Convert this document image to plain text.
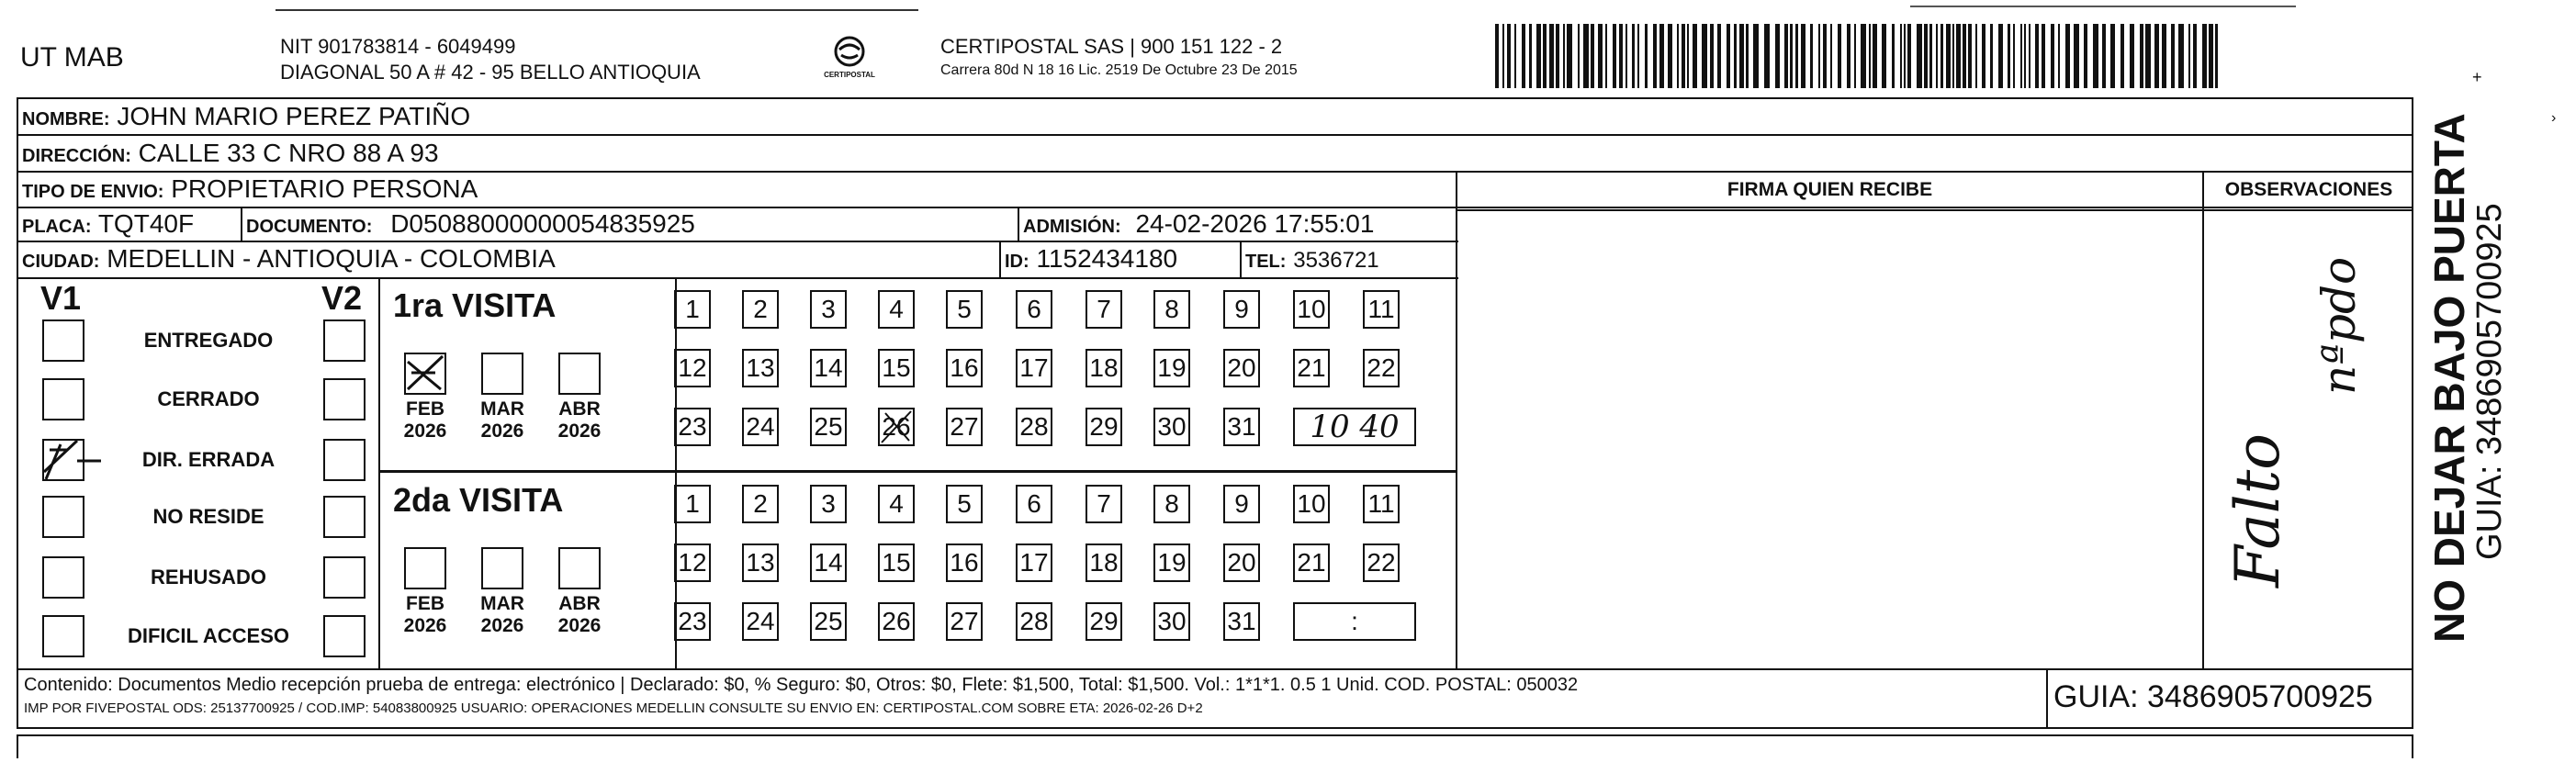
UT MAB	NIT 901783814 - 6049499
DIAGONAL 50 A # 42 - 95 BELLO ANTIOQUIA	CERTIPOSTAL
CERTIPOSTAL SAS | 900 151 122 - 2
Carrera 80d N 18 16 Lic. 2519 De Octubre 23 De 2015
NOMBRE: JOHN MARIO PEREZ PATIÑO
DIRECCIÓN: CALLE 33 C NRO 88 A 93
TIPO DE ENVIO: PROPIETARIO PERSONA	FIRMA QUIEN RECIBE	OBSERVACIONES
PLACA: TQT40F	DOCUMENTO: D05088000000054835925	ADMISIÓN: 24-02-2026 17:55:01
CIUDAD: MEDELLIN - ANTIOQUIA - COLOMBIA	ID: 1152434180	TEL: 3536721
V1	V2
ENTREGADO
CERRADO
DIR. ERRADA
NO RESIDE
REHUSADO
DIFICIL ACCESO
1ra VISITA
FEB
2026
MAR
2026
ABR
2026
1	2	3	4	5	6	7	8	9	10 11
12 13 14 15 16 17 18 19 20 21 22
23 24 25 26 27 28 29 30 31	10 40
2da VISITA
FEB
2026
MAR
2026
ABR
2026
1	2	3	4	5	6	7	8	9	10 11
12 13 14 15 16 17 18 19 20 21 22
23 24 25 26 27 28 29 30 31	:
Contenido: Documentos Medio recepción prueba de entrega: electrónico | Declarado: $0, % Seguro: $0, Otros: $0, Flete: $1,500, Total: $1,500. Vol.: 1*1*1. 0.5 1 Unid. COD. POSTAL: 050032
IMP POR FIVEPOSTAL ODS: 25137700925 / COD.IMP: 54083800925 USUARIO: OPERACIONES MEDELLIN CONSULTE SU ENVIO EN: CERTIPOSTAL.COM SOBRE ETA: 2026-02-26 D+2	GUIA: 3486905700925
NO DEJAR BAJO PUERTA
GUIA: 3486905700925
+
›
Falto
nªpdo
